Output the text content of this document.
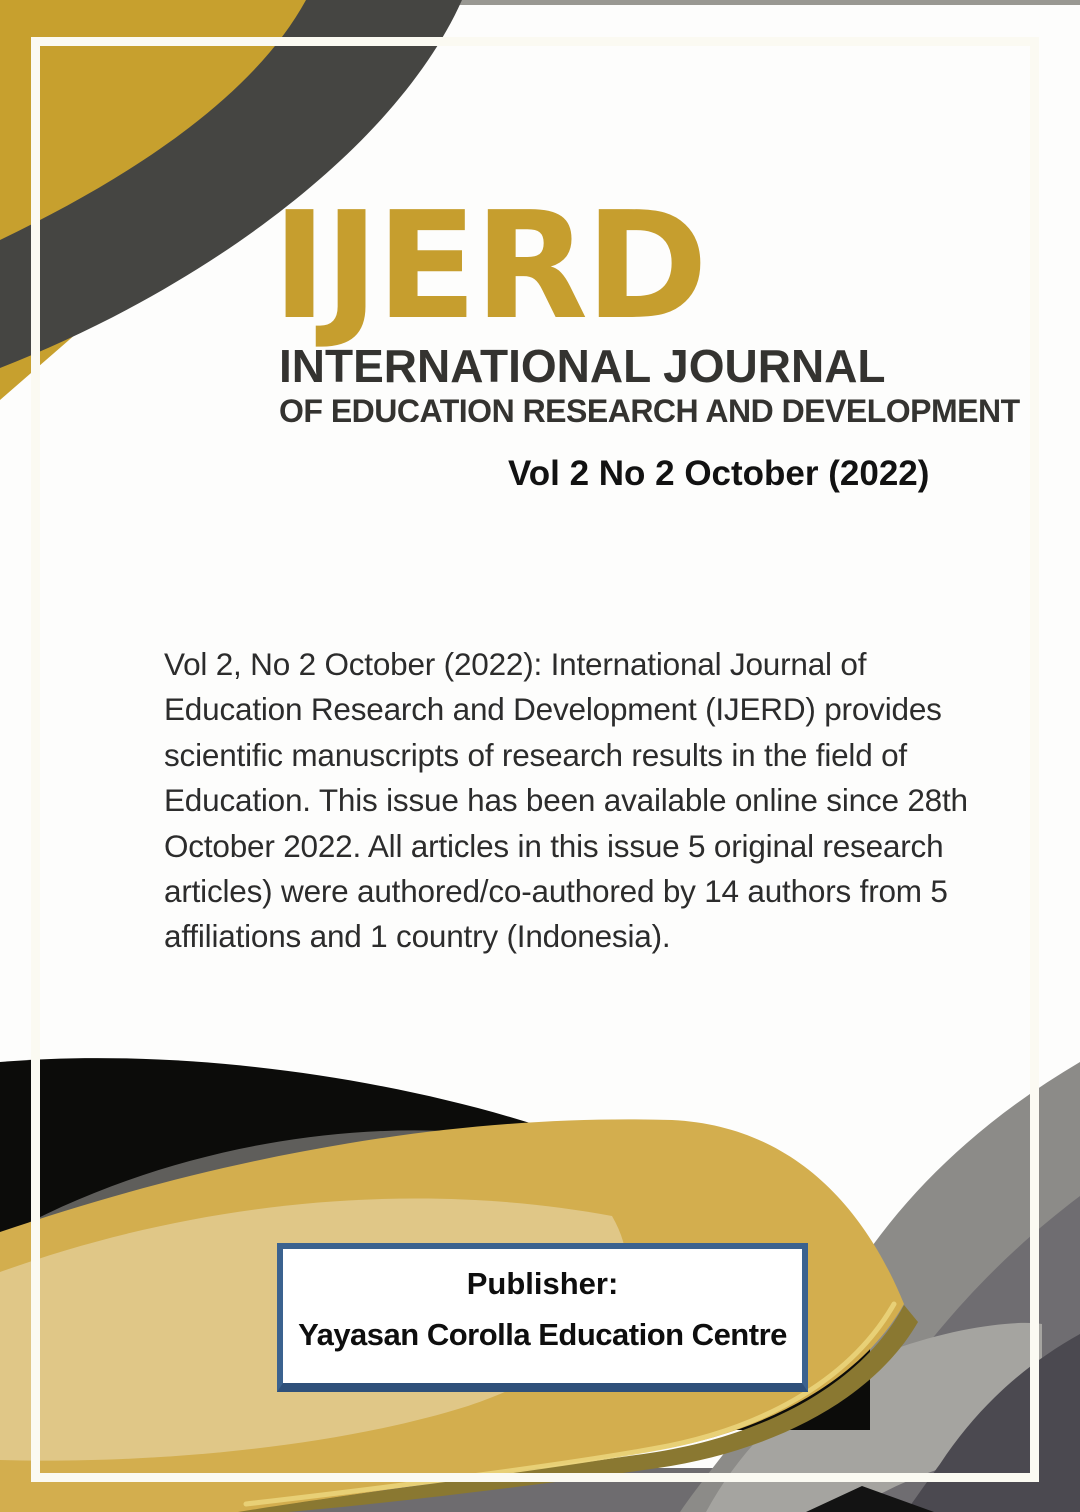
IJERD
INTERNATIONAL JOURNAL
OF EDUCATION RESEARCH AND DEVELOPMENT
Vol 2 No 2 October (2022)
Vol 2, No 2 October (2022): International Journal of
Education Research and Development (IJERD) provides
scientific manuscripts of research results in the field of
Education. This issue has been available online since 28th
October 2022. All articles in this issue 5 original research
articles) were authored/co-authored by 14 authors from 5
affiliations and 1 country (Indonesia).
Publisher:
Yayasan Corolla Education Centre
